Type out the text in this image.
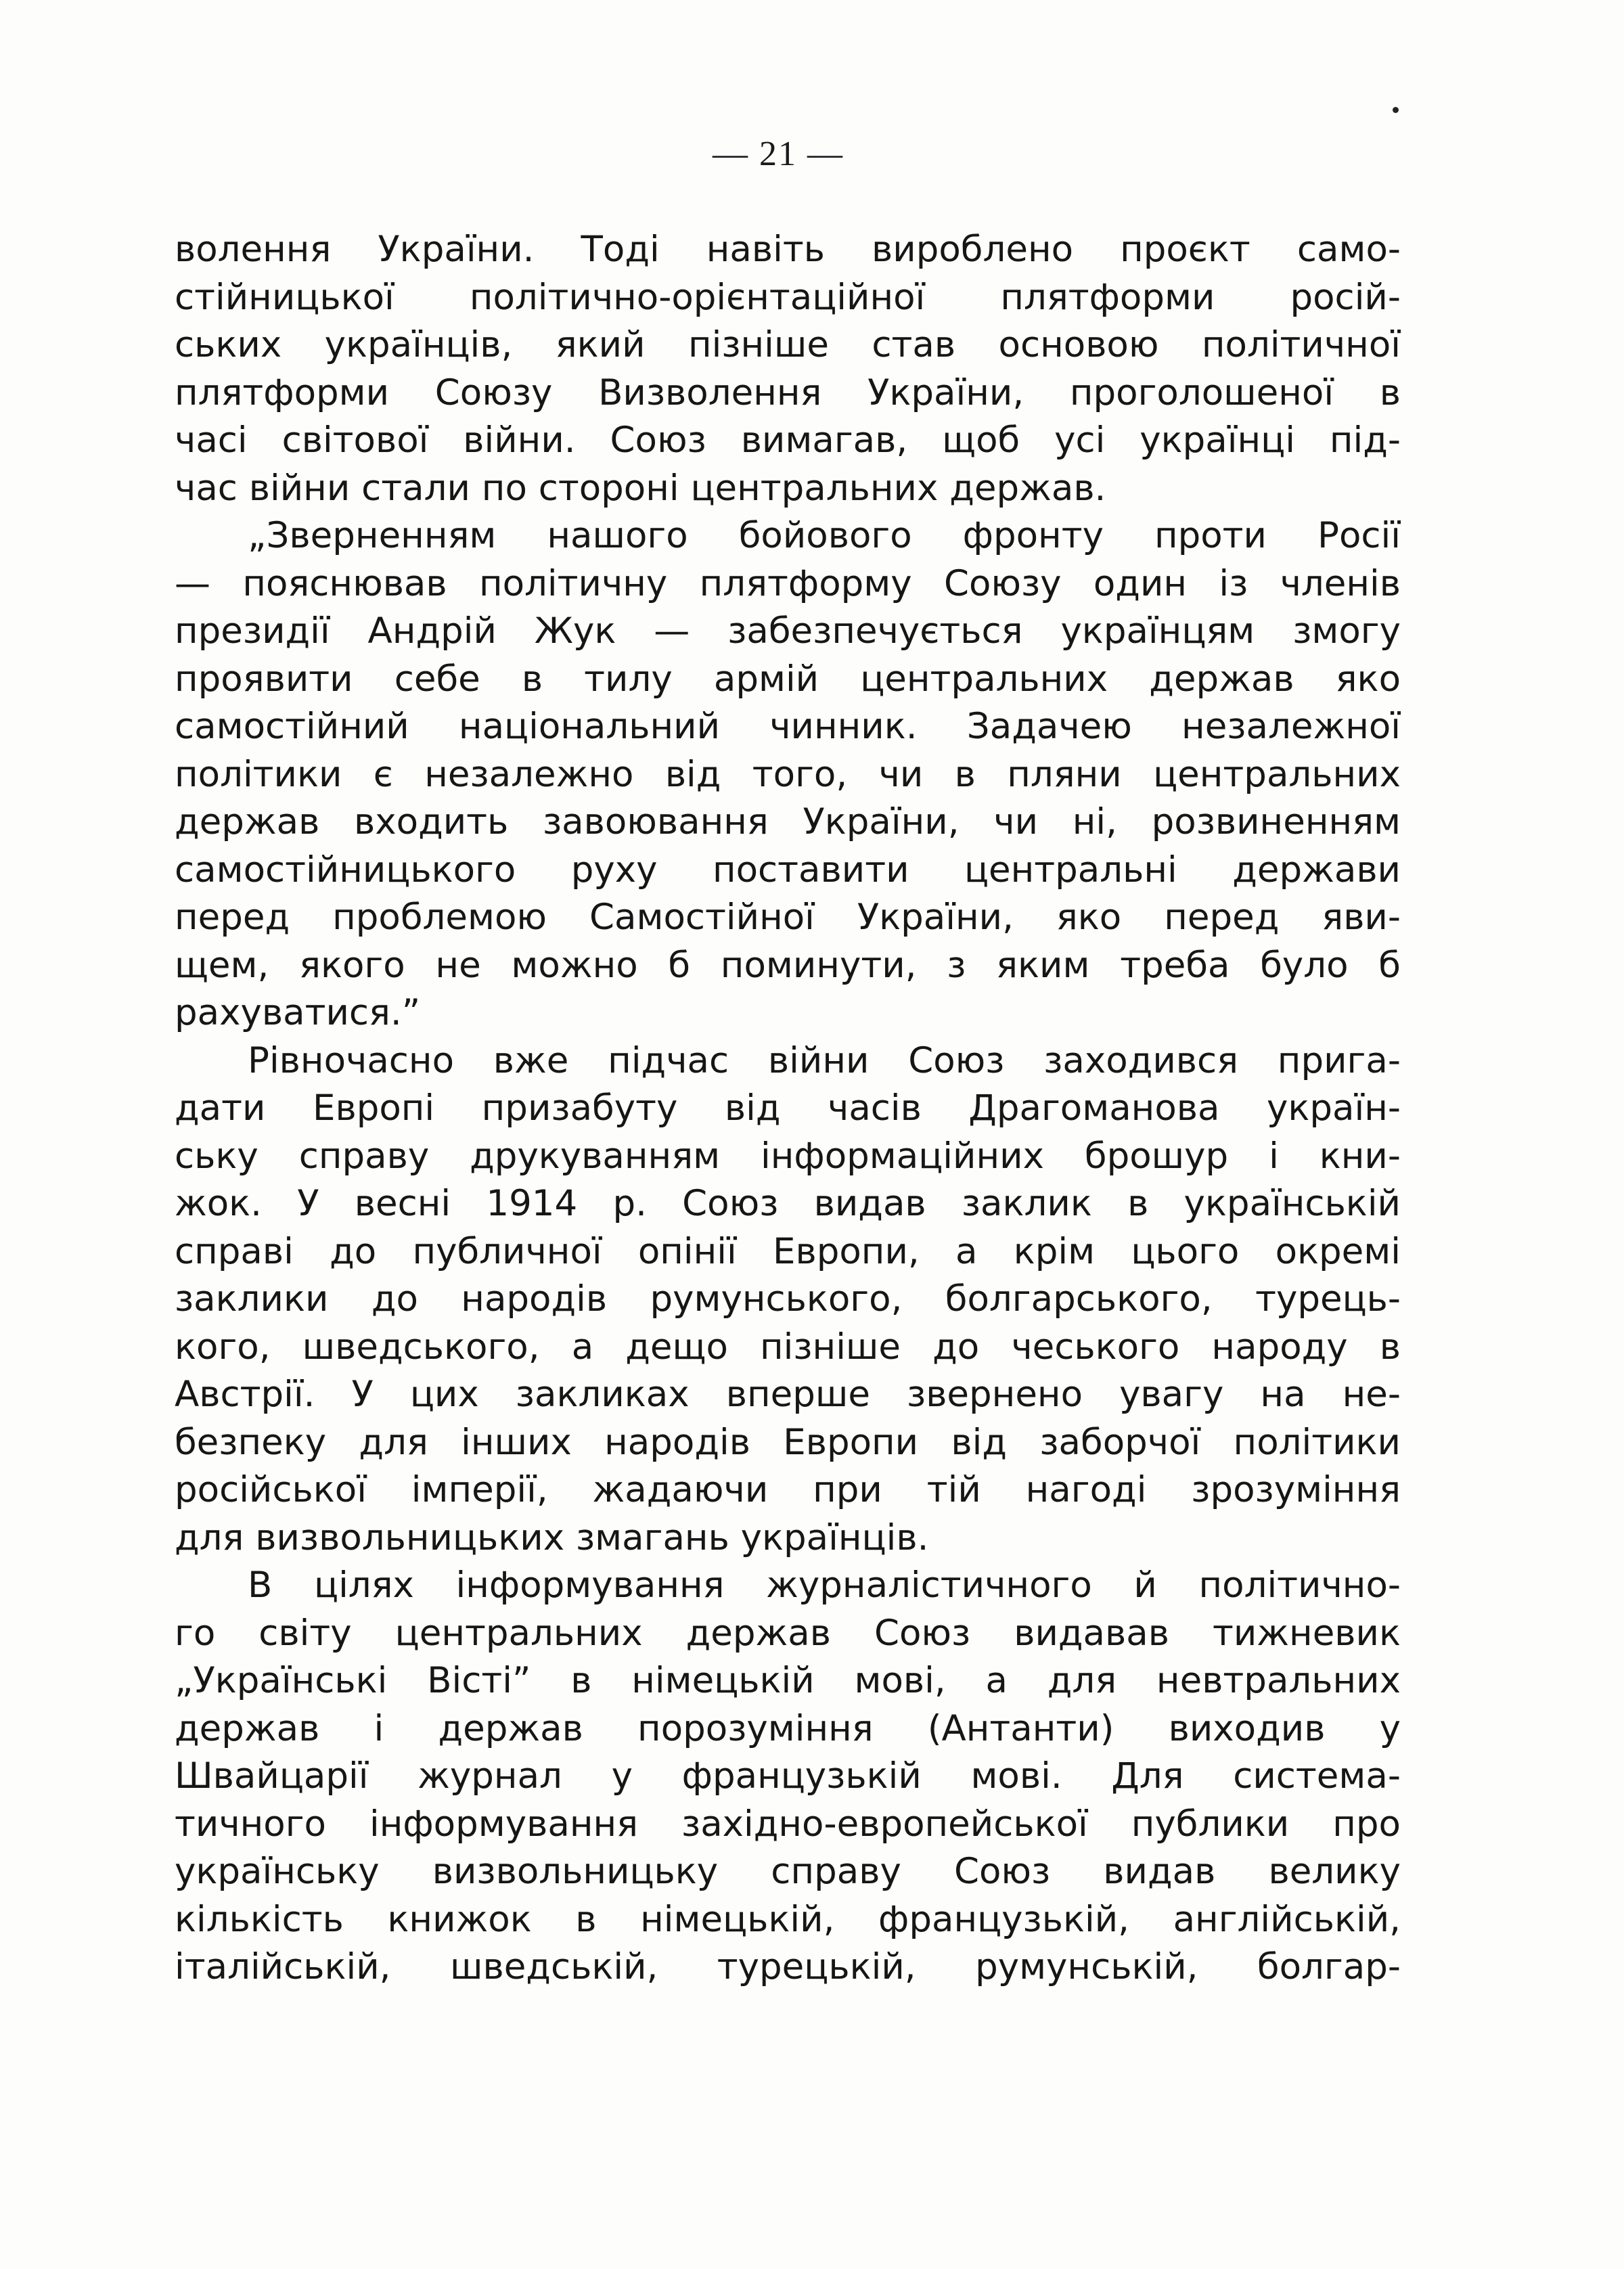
— 21 —
волення України. Тоді навіть вироблено проєкт само-
стійницької політично-орієнтаційної плятформи росій-
ських українців, який пізніше став основою політичної
плятформи Союзу Визволення України, проголошеної в
часі світової війни. Союз вимагав, щоб усі українці під-
час війни стали по стороні центральних держав.
„Зверненням нашого бойового фронту проти Росії
— пояснював політичну плятформу Союзу один із членів
президії Андрій Жук — забезпечується українцям змогу
проявити себе в тилу армій центральних держав яко
самостійний національний чинник. Задачею незалежної
політики є незалежно від того, чи в пляни центральних
держав входить завоювання України, чи ні, розвиненням
самостійницького руху поставити центральні держави
перед проблемою Самостійної України, яко перед яви-
щем, якого не можно б поминути, з яким треба було б
рахуватися.”
Рівночасно вже підчас війни Союз заходився прига-
дати Европі призабуту від часів Драгоманова україн-
ську справу друкуванням інформаційних брошур і кни-
жок. У весні 1914 р. Союз видав заклик в українській
справі до публичної опінії Европи, а крім цього окремі
заклики до народів румунського, болгарського, турець-
кого, шведського, а дещо пізніше до чеського народу в
Австрії. У цих закликах вперше звернено увагу на не-
безпеку для інших народів Европи від заборчої політики
російської імперії, жадаючи при тій нагоді зрозуміння
для визвольницьких змагань українців.
В цілях інформування журналістичного й політично-
го світу центральних держав Союз видавав тижневик
„Українські Вісті” в німецькій мові, а для невтральних
держав і держав порозуміння (Антанти) виходив у
Швайцарії журнал у французькій мові. Для система-
тичного інформування західно-европейської публики про
українську визвольницьку справу Союз видав велику
кількість книжок в німецькій, французькій, англійській,
італійській, шведській, турецькій, румунській, болгар-
